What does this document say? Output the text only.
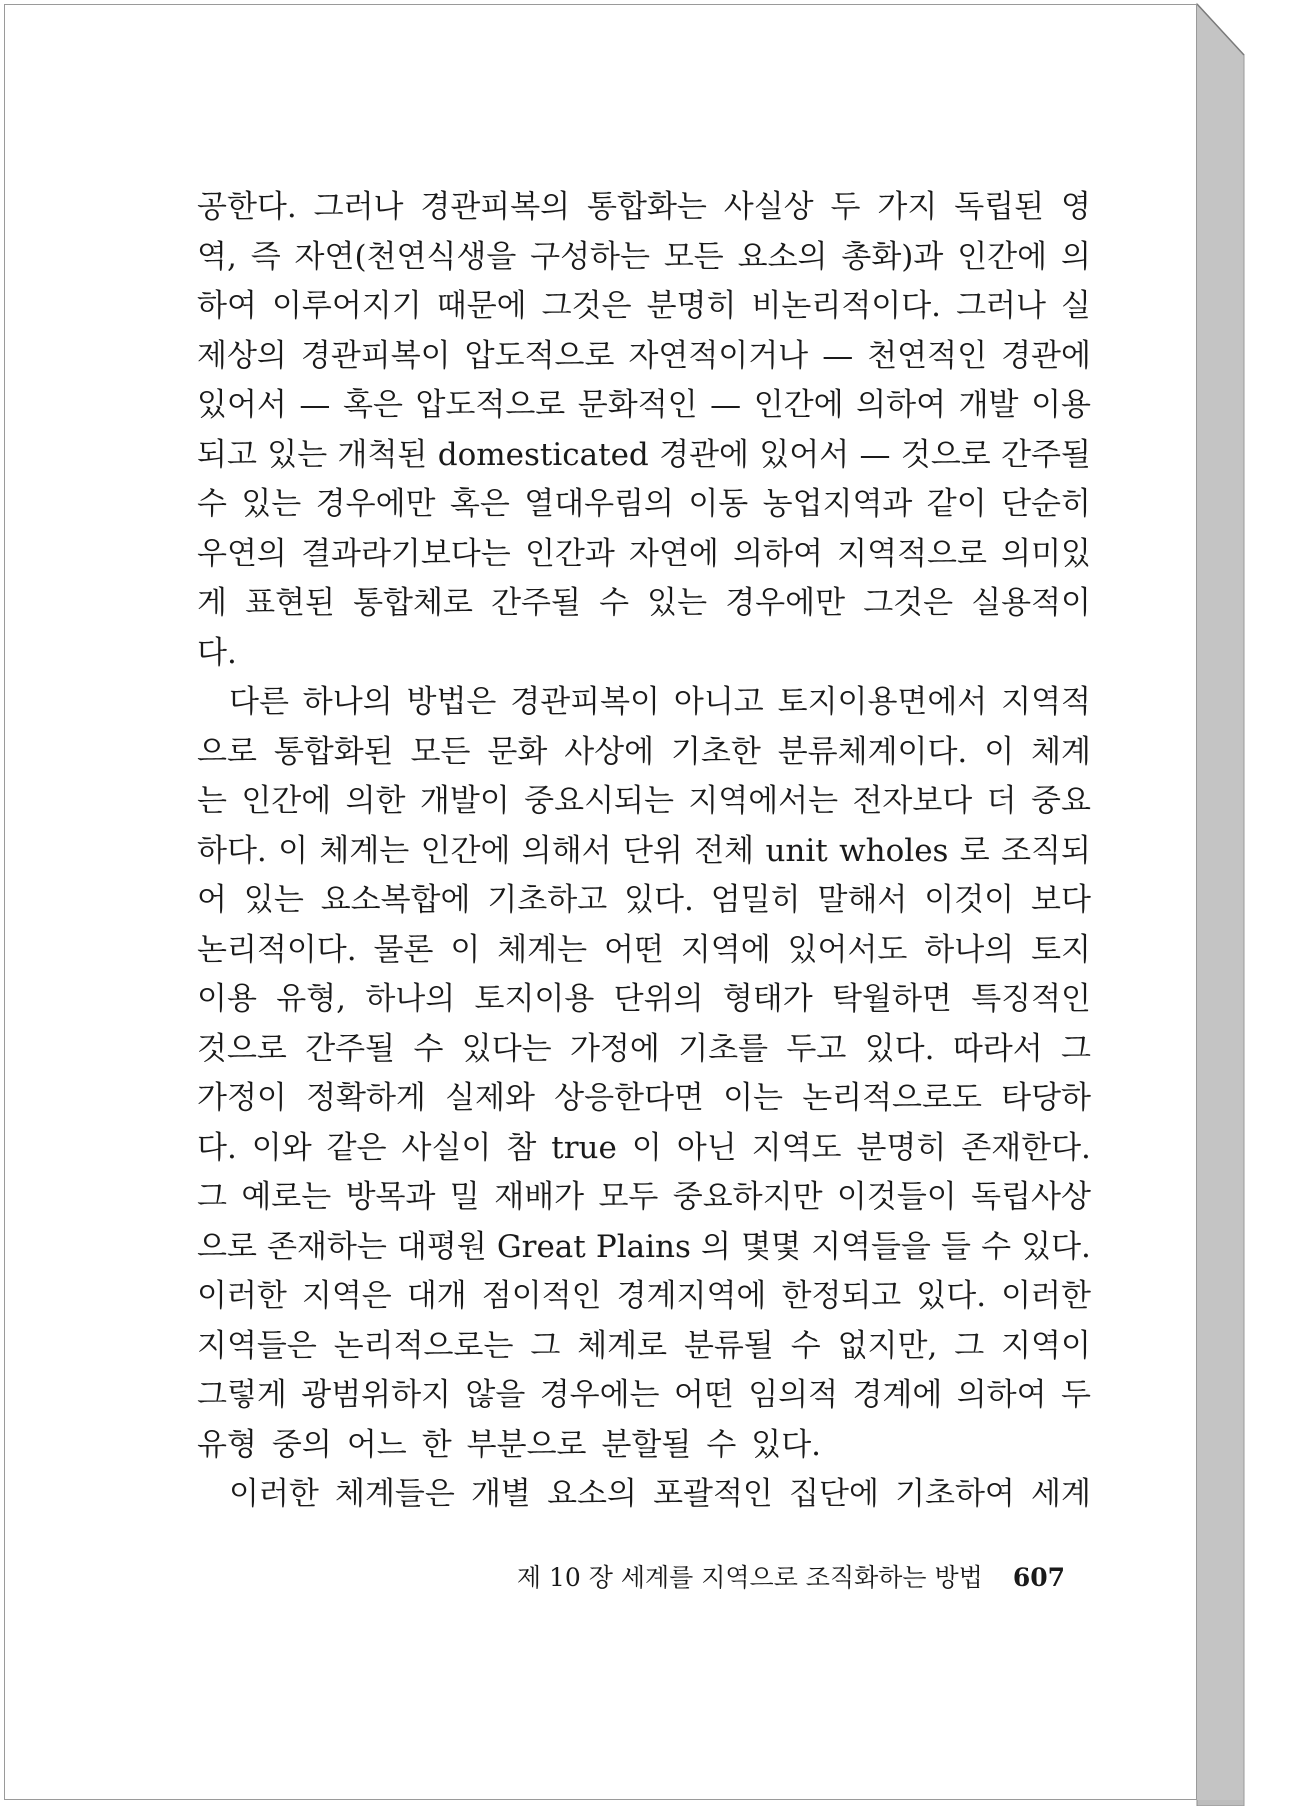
공한다. 그러나 경관피복의 통합화는 사실상 두 가지 독립된 영
역, 즉 자연(천연식생을 구성하는 모든 요소의 총화)과 인간에 의
하여 이루어지기 때문에 그것은 분명히 비논리적이다. 그러나 실
제상의 경관피복이 압도적으로 자연적이거나 — 천연적인 경관에
있어서 — 혹은 압도적으로 문화적인 — 인간에 의하여 개발 이용
되고 있는 개척된 domesticated 경관에 있어서 — 것으로 간주될
수 있는 경우에만 혹은 열대우림의 이동 농업지역과 같이 단순히
우연의 결과라기보다는 인간과 자연에 의하여 지역적으로 의미있
게 표현된 통합체로 간주될 수 있는 경우에만 그것은 실용적이
다.
다른 하나의 방법은 경관피복이 아니고 토지이용면에서 지역적
으로 통합화된 모든 문화 사상에 기초한 분류체계이다. 이 체계
는 인간에 의한 개발이 중요시되는 지역에서는 전자보다 더 중요
하다. 이 체계는 인간에 의해서 단위 전체 unit wholes 로 조직되
어 있는 요소복합에 기초하고 있다. 엄밀히 말해서 이것이 보다
논리적이다. 물론 이 체계는 어떤 지역에 있어서도 하나의 토지
이용 유형, 하나의 토지이용 단위의 형태가 탁월하면 특징적인
것으로 간주될 수 있다는 가정에 기초를 두고 있다. 따라서 그
가정이 정확하게 실제와 상응한다면 이는 논리적으로도 타당하
다. 이와 같은 사실이 참 true 이 아닌 지역도 분명히 존재한다.
그 예로는 방목과 밀 재배가 모두 중요하지만 이것들이 독립사상
으로 존재하는 대평원 Great Plains 의 몇몇 지역들을 들 수 있다.
이러한 지역은 대개 점이적인 경계지역에 한정되고 있다. 이러한
지역들은 논리적으로는 그 체계로 분류될 수 없지만, 그 지역이
그렇게 광범위하지 않을 경우에는 어떤 임의적 경계에 의하여 두
유형 중의 어느 한 부분으로 분할될 수 있다.
이러한 체계들은 개별 요소의 포괄적인 집단에 기초하여 세계
제 10 장 세계를 지역으로 조직화하는 방법 607
